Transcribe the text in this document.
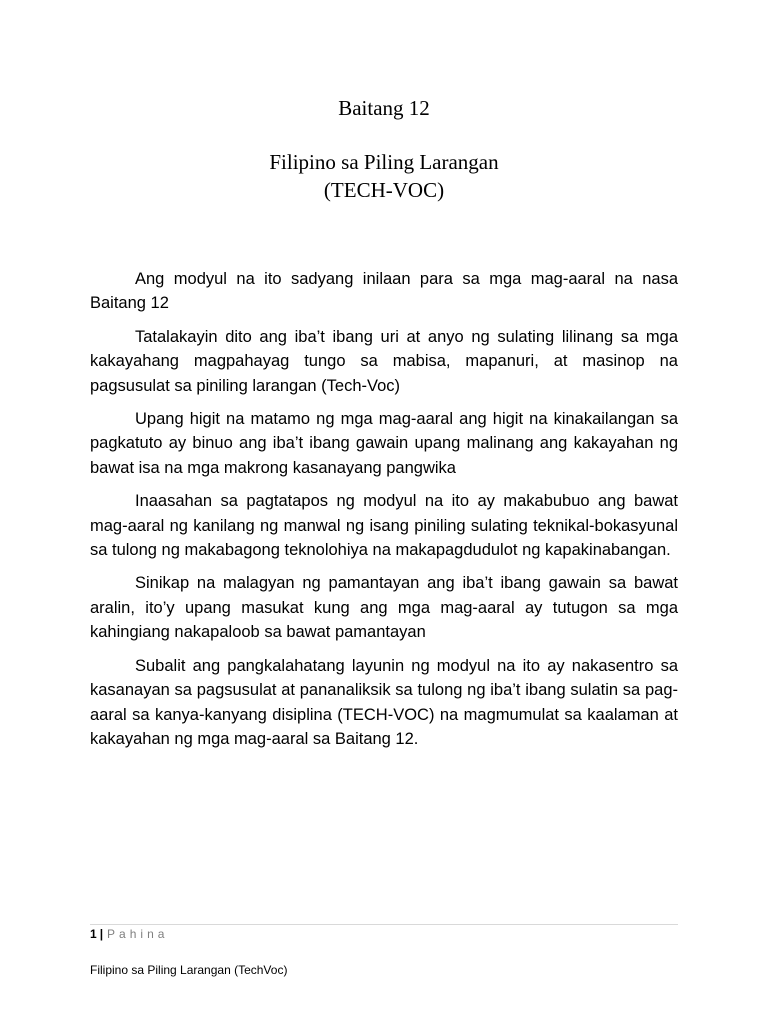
Baitang 12
Filipino sa Piling Larangan
(TECH-VOC)

Ang modyul na ito sadyang inilaan para sa mga mag-aaral na nasa Baitang 12

Tatalakayin dito ang iba’t ibang uri at anyo ng sulating lilinang sa mga kakayahang magpahayag tungo sa mabisa, mapanuri, at masinop na pagsusulat sa piniling larangan (Tech-Voc)

Upang higit na matamo ng mga mag-aaral ang higit na kinakailangan sa pagkatuto ay binuo ang iba’t ibang gawain upang malinang ang kakayahan ng bawat isa na mga makrong kasanayang pangwika

Inaasahan sa pagtatapos ng modyul na ito ay makabubuo ang bawat mag-aaral ng kanilang ng manwal ng isang piniling sulating teknikal-bokasyunal sa tulong ng makabagong teknolohiya na makapagdudulot ng kapakinabangan.

Sinikap na malagyan ng pamantayan ang iba’t ibang gawain sa bawat aralin, ito’y upang masukat kung ang mga mag-aaral ay tutugon sa mga kahingiang nakapaloob sa bawat pamantayan

Subalit ang pangkalahatang layunin ng modyul na ito ay nakasentro sa kasanayan sa pagsusulat at pananaliksik sa tulong ng iba’t ibang sulatin sa pag-aaral sa kanya-kanyang disiplina (TECH-VOC) na magmumulat sa kaalaman at kakayahan ng mga mag-aaral sa Baitang 12.

1 | Pahina
Filipino sa Piling Larangan (TechVoc)
